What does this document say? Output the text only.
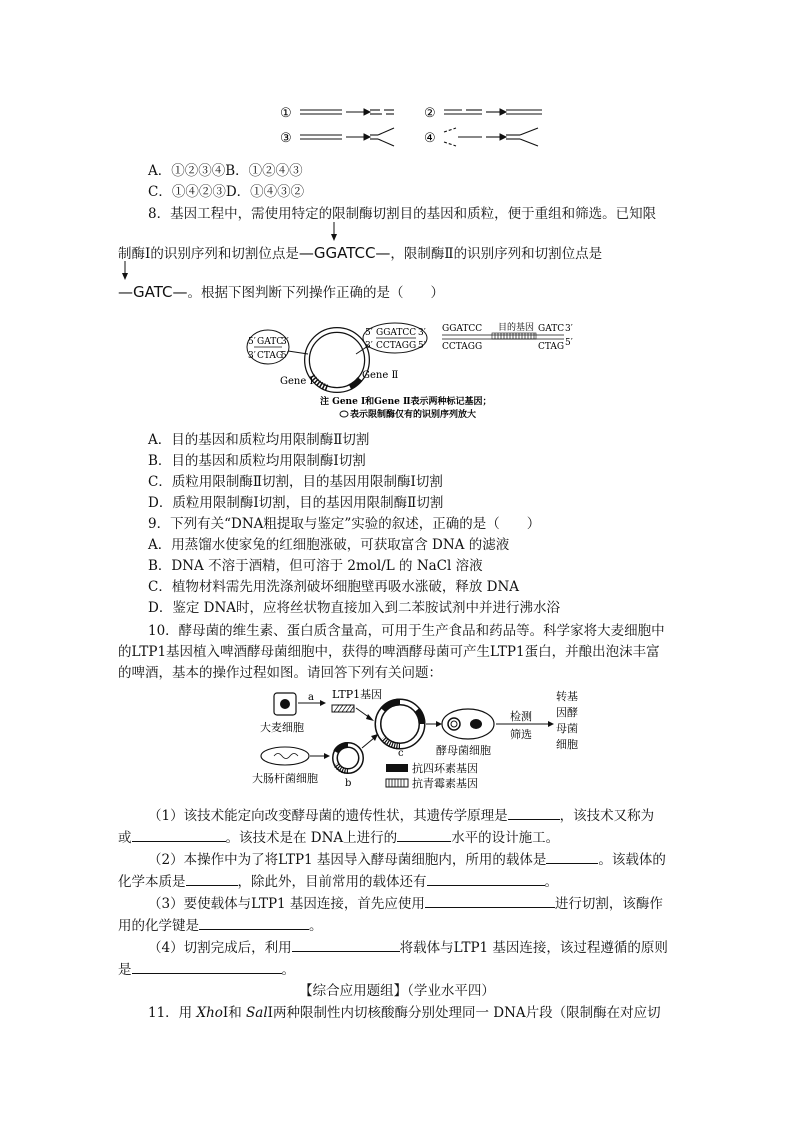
①	②
③	④
A．①②③④B．①②④③
C．①④②③D．①④③②
8．基因工程中，需使用特定的限制酶切割目的基因和质粒，便于重组和筛选。已知限
制酶Ⅰ的识别序列和切割位点是
—GGATCC—，限制酶Ⅱ的识别序列和切割位点是
—GATC—。根据下图判断下列操作正确的是（　　）
GATC
CTAG
5′	3′
3′	5′
GGATCC
CCTAGG
5′	3′
3′	5′
GGATCC 目的基因 GATC 3′
5′
CCTAGG	CTAG
Gene Ⅰ
Gene Ⅱ
注 Gene Ⅰ和Gene Ⅱ表示两种标记基因；
表示限制酶仅有的识别序列放大
A．目的基因和质粒均用限制酶Ⅱ切割
B．目的基因和质粒均用限制酶Ⅰ切割
C．质粒用限制酶Ⅱ切割，目的基因用限制酶Ⅰ切割
D．质粒用限制酶Ⅰ切割，目的基因用限制酶Ⅱ切割
9．下列有关“DNA粗提取与鉴定”实验的叙述，正确的是（　　）
A．用蒸馏水使家兔的红细胞涨破，可获取富含 DNA 的滤液
B．DNA 不溶于酒精，但可溶于 2mol/L 的 NaCl 溶液
C．植物材料需先用洗涤剂破坏细胞壁再吸水涨破，释放 DNA
D．鉴定 DNA时，应将丝状物直接加入到二苯胺试剂中并进行沸水浴
10．酵母菌的维生素、蛋白质含量高，可用于生产食品和药品等。科学家将大麦细胞中
的LTP1基因植入啤酒酵母菌细胞中，获得的啤酒酵母菌可产生LTP1蛋白，并酿出泡沫丰富
的啤酒，基本的操作过程如图。请回答下列有关问题：
a
大麦细胞
LTP1基因
大肠杆菌细胞	b
c	酵母菌细胞
检测
筛选
转基
因酵
母菌
细胞
抗四环素基因
抗青霉素基因
（1）该技术能定向改变酵母菌的遗传性状，其遗传学原理是	，该技术又称为
或	。该技术是在 DNA上进行的	水平的设计施工。
（2）本操作中为了将LTP1 基因导入酵母菌细胞内，所用的载体是	。该载体的
化学本质是	，除此外，目前常用的载体还有	。
（3）要使载体与LTP1 基因连接，首先应使用	进行切割，该酶作
用的化学键是	。
（4）切割完成后，利用	将载体与LTP1 基因连接，该过程遵循的原则
是	。
【综合应用题组】（学业水平四）
11．用 XhoⅠ和 SalⅠ两种限制性内切核酸酶分别处理同一 DNA片段（限制酶在对应切
